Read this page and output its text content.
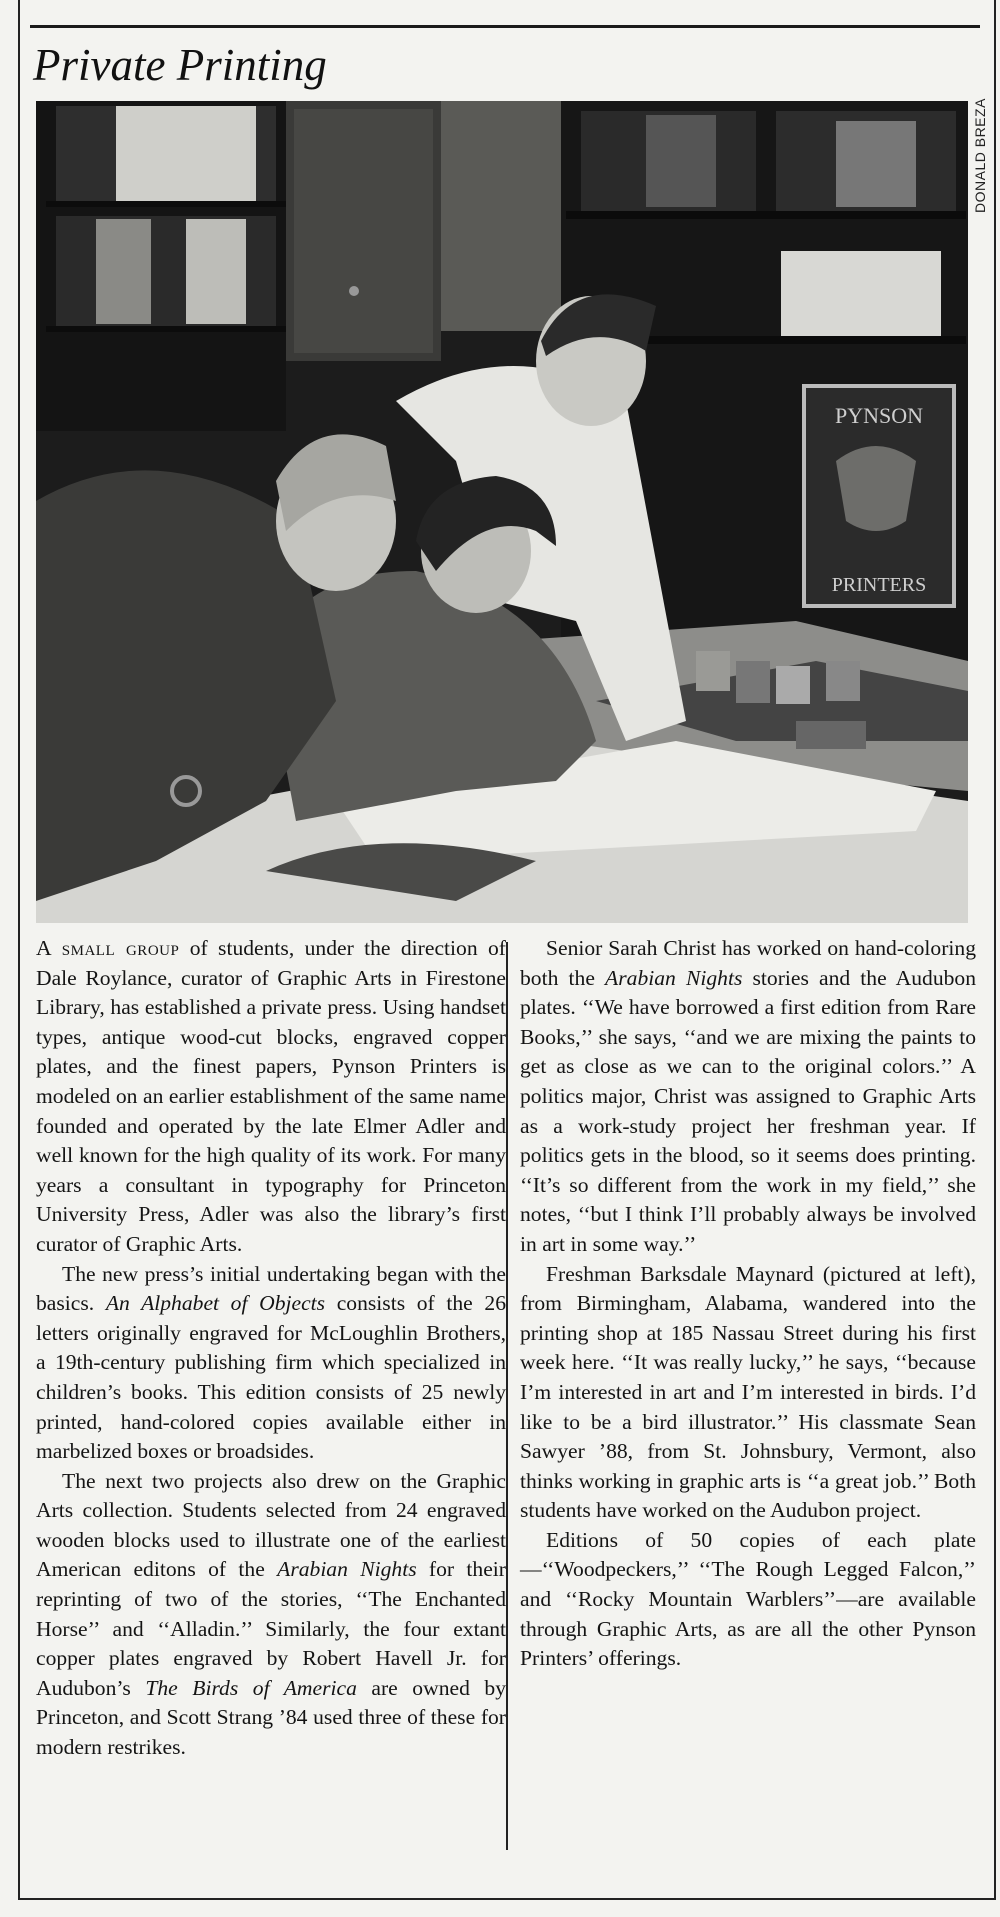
Private Printing
PYNSON
PRINTERS
DONALD BREZA

A small group of students, under the direction of Dale Roylance, curator of Graphic Arts in Firestone Library, has established a private press. Using handset types, antique wood-cut blocks, engraved copper plates, and the finest papers, Pynson Printers is modeled on an earlier establishment of the same name founded and operated by the late Elmer Adler and well known for the high quality of its work. For many years a consultant in typography for Princeton University Press, Adler was also the library’s first curator of Graphic Arts.

The new press’s initial undertaking began with the basics. An Alphabet of Objects consists of the 26 letters originally engraved for McLoughlin Brothers, a 19th-century publishing firm which specialized in children’s books. This edition consists of 25 newly printed, hand-colored copies available either in marbelized boxes or broadsides.

The next two projects also drew on the Graphic Arts collection. Students selected from 24 engraved wooden blocks used to illustrate one of the earliest American editons of the Arabian Nights for their reprinting of two of the stories, ‘‘The Enchanted Horse’’ and ‘‘Alladin.’’ Similarly, the four extant copper plates engraved by Robert Havell Jr. for Audubon’s The Birds of America are owned by Princeton, and Scott Strang ’84 used three of these for modern restrikes.

Senior Sarah Christ has worked on hand-coloring both the Arabian Nights stories and the Audubon plates. ‘‘We have borrowed a first edition from Rare Books,’’ she says, ‘‘and we are mixing the paints to get as close as we can to the original colors.’’ A politics major, Christ was assigned to Graphic Arts as a work-study project her freshman year. If politics gets in the blood, so it seems does printing. ‘‘It’s so different from the work in my field,’’ she notes, ‘‘but I think I’ll probably always be involved in art in some way.’’

Freshman Barksdale Maynard (pictured at left), from Birmingham, Alabama, wandered into the printing shop at 185 Nassau Street during his first week here. ‘‘It was really lucky,’’ he says, ‘‘because I’m interested in art and I’m interested in birds. I’d like to be a bird illustrator.’’ His classmate Sean Sawyer ’88, from St. Johnsbury, Vermont, also thinks working in graphic arts is ‘‘a great job.’’ Both students have worked on the Audubon project.

Editions of 50 copies of each plate—‘‘Woodpeckers,’’ ‘‘The Rough Legged Falcon,’’ and ‘‘Rocky Mountain Warblers’’—are available through Graphic Arts, as are all the other Pynson Printers’ offerings.
